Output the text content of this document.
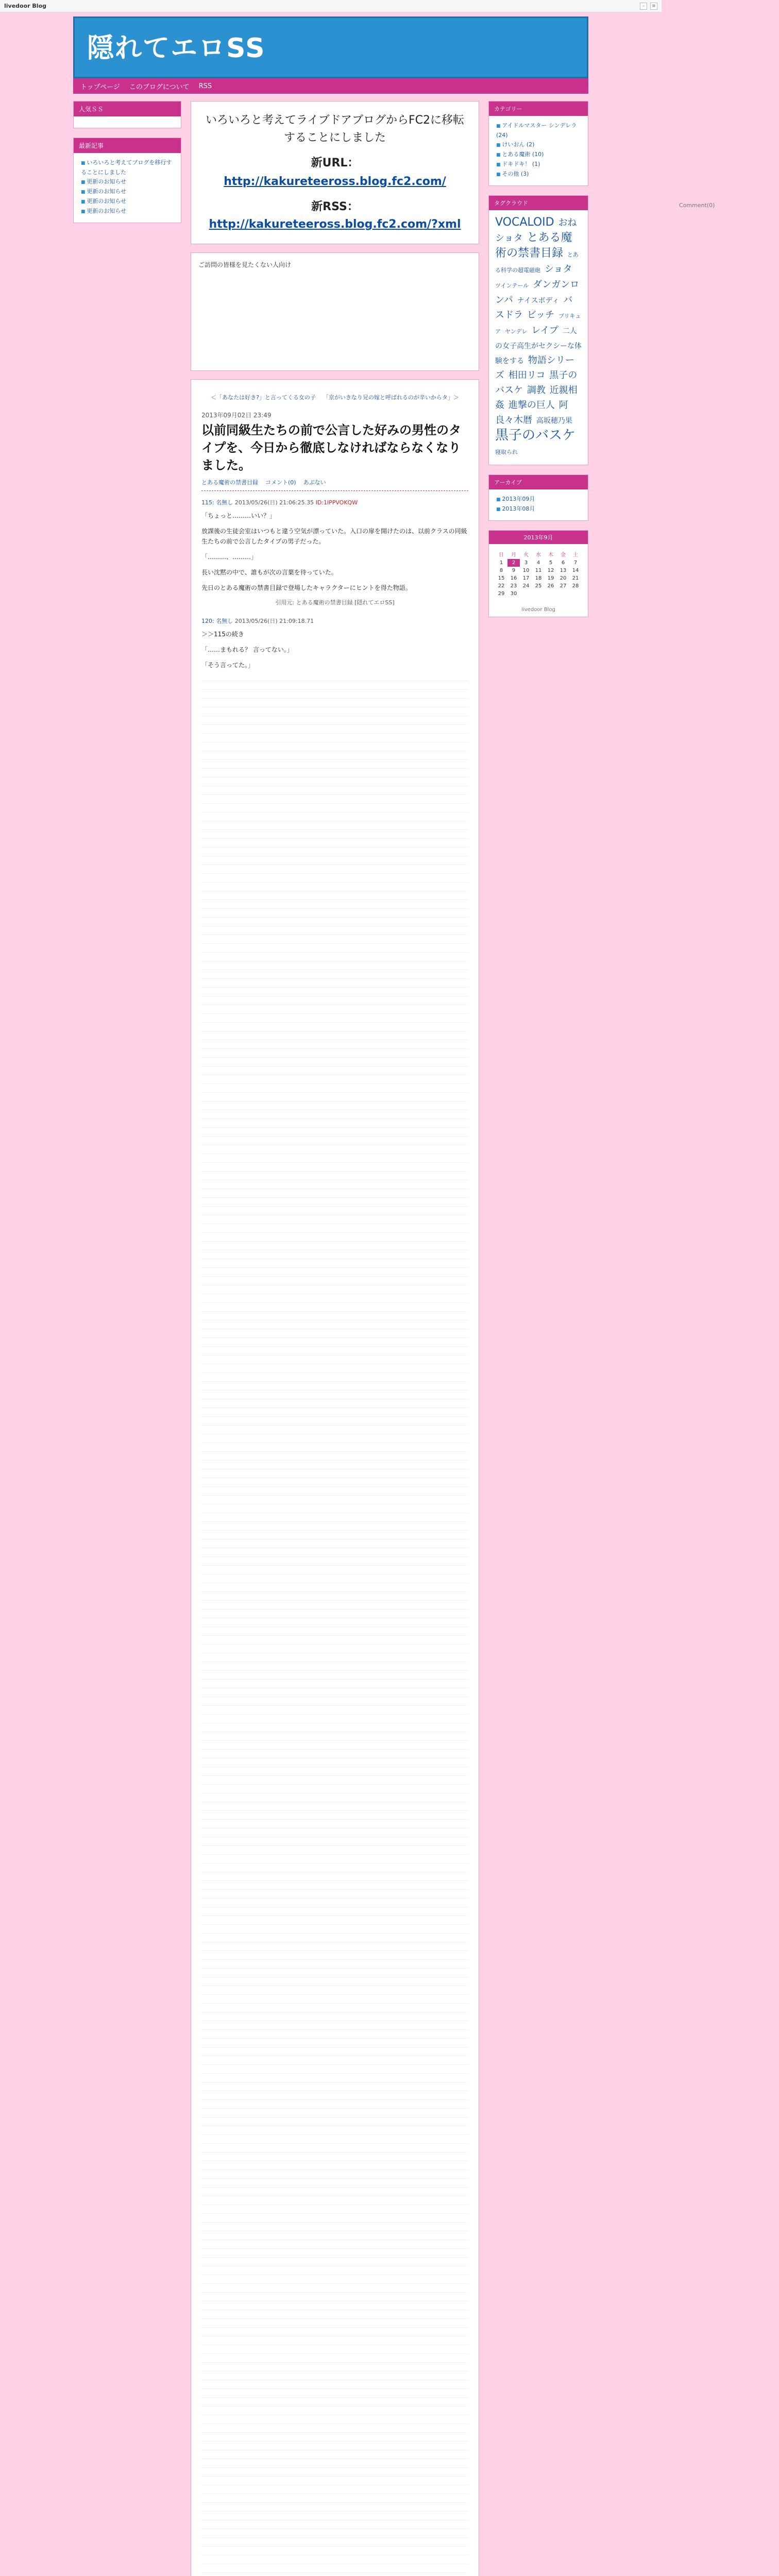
livedoor Blog	–	≡
隠れてエロSS
トップページ このブログについて RSS
人気ＳＳ
最新記事
■ いろいろと考えてブログを移行することにしました
■ 更新のお知らせ
■ 更新のお知らせ
■ 更新のお知らせ
■ 更新のお知らせ
いろいろと考えてライブドアブログからFC2に移転することにしました
新URL： http://kakureteeross.blog.fc2.com/
新RSS： http://kakureteeross.blog.fc2.com/?xml
ご訪問の皆様を見たくない人向け
＜「あなたは好き?」と言ってくる女の子 「京がいきなり兄の嫁と呼ばれるのが辛いからタ」＞
2013年09月02日 23:49
以前同級生たちの前で公言した好みの男性のタイプを、今日から徹底しなければならなくなりました。
とある魔術の禁書目録 コメント(0) あぶない
Comment(0)
115: 名無し 2013/05/26(日) 21:06:25.35 ID:1lPPVOKQW

「ちょっと………いい？」

放課後の生徒会室はいつもと違う空気が漂っていた。入口の扉を開けたのは、以前クラスの同級生たちの前で公言したタイプの男子だった。

「………、………」

長い沈黙の中で、誰もが次の言葉を待っていた。

先日のとある魔術の禁書目録で登場したキャラクターにヒントを得た物語。

引用元: とある魔術の禁書目録 [隠れてエロSS]
120: 名無し 2013/05/26(日) 21:09:18.71

＞＞115の続き

「……まもれる？ 言ってない。」

「そう言ってた。」

カテゴリー
■ アイドルマスター シンデレラ (24)
■ けいおん (2)
■ とある魔術 (10)
■ ドキドキ！ (1)
■ その他 (3)
タグクラウド
VOCALOID おねショタ とある魔術の禁書目録 とある科学の超電磁砲 ショタ ツインテール ダンガンロンパ ナイスボディ バスドラ ビッチ プリキュア ヤンデレ レイプ 二人の女子高生がセクシーな体験をする 物語シリーズ 相田リコ 黒子のバスケ 調教 近親相姦 進撃の巨人 阿良々木暦 高坂穂乃果 黒子のバスケ 寝取られ
アーカイブ
■ 2013年09月
■ 2013年08月
2013年9月
日	月	火	水	木	金	土
1	2	3	4	5	6	7
8	9	10	11	12	13	14
15	16	17	18	19	20	21
22	23	24	25	26	27	28
29	30					
livedoor Blog
